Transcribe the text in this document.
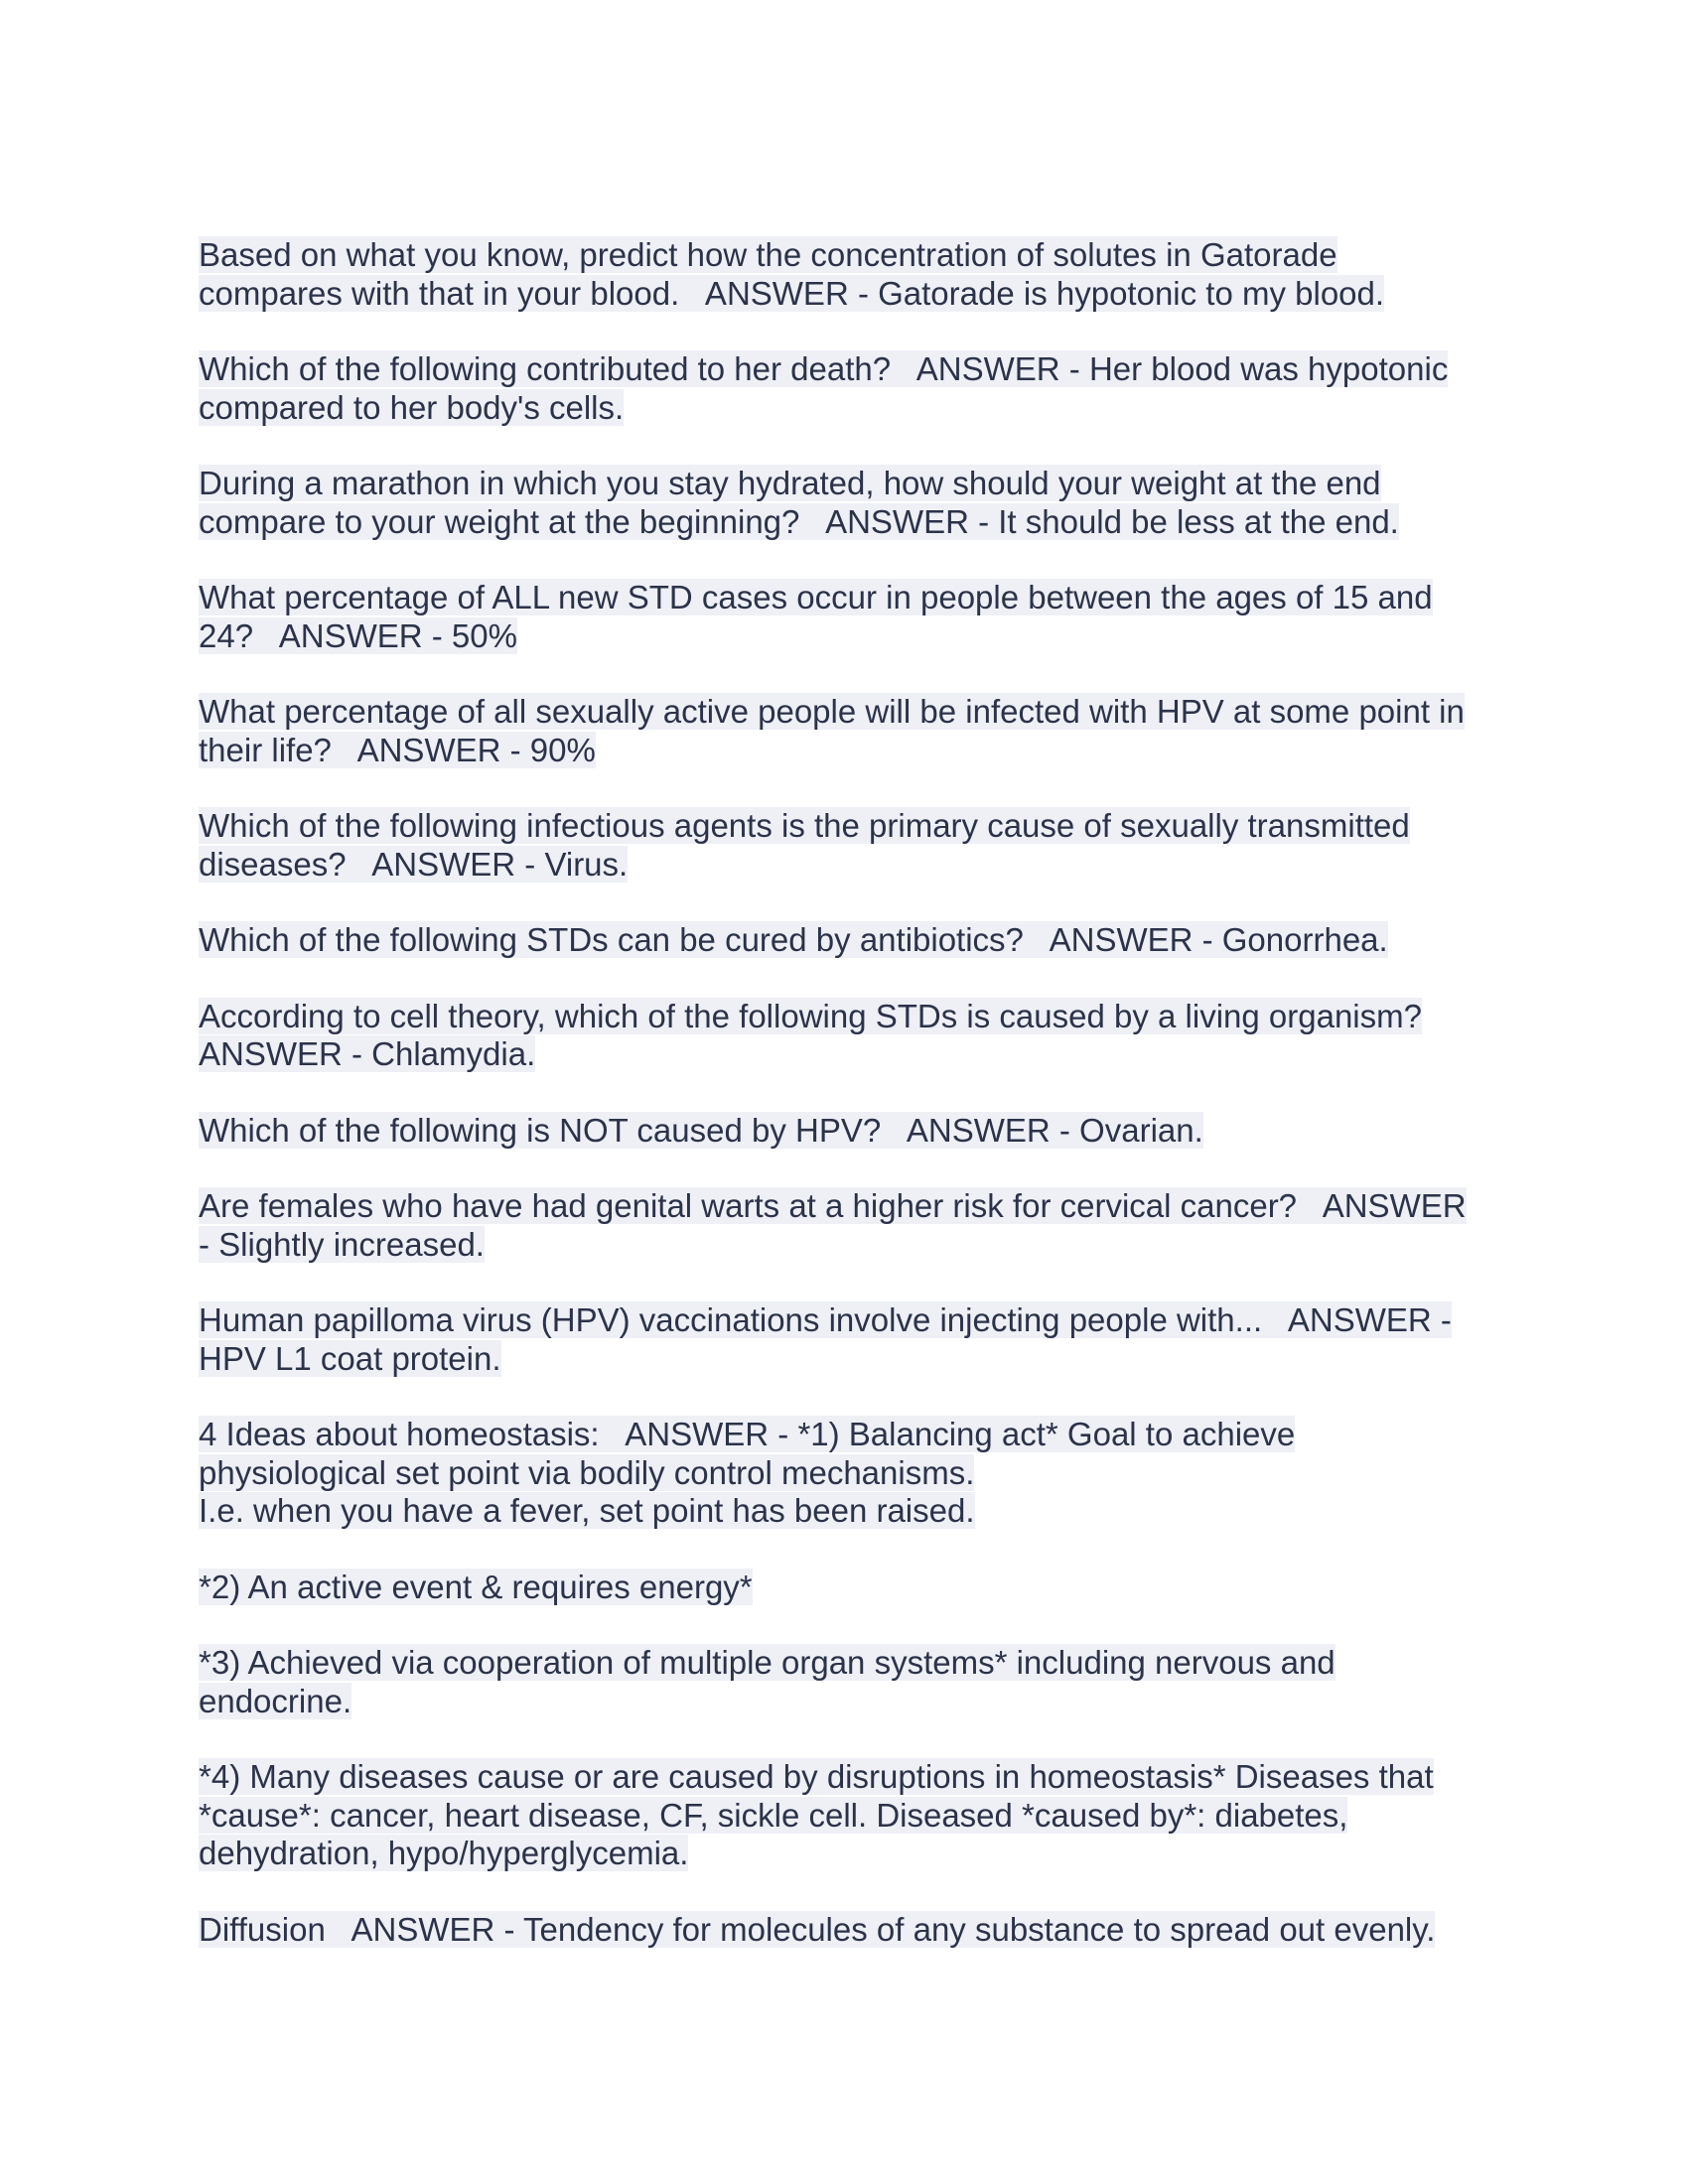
Based on what you know, predict how the concentration of solutes in Gatorade
compares with that in your blood.   ANSWER - Gatorade is hypotonic to my blood.
Which of the following contributed to her death?   ANSWER - Her blood was hypotonic
compared to her body's cells.
During a marathon in which you stay hydrated, how should your weight at the end
compare to your weight at the beginning?   ANSWER - It should be less at the end.
What percentage of ALL new STD cases occur in people between the ages of 15 and
24?   ANSWER - 50%
What percentage of all sexually active people will be infected with HPV at some point in
their life?   ANSWER - 90%
Which of the following infectious agents is the primary cause of sexually transmitted
diseases?   ANSWER - Virus.
Which of the following STDs can be cured by antibiotics?   ANSWER - Gonorrhea.
According to cell theory, which of the following STDs is caused by a living organism?
ANSWER - Chlamydia.
Which of the following is NOT caused by HPV?   ANSWER - Ovarian.
Are females who have had genital warts at a higher risk for cervical cancer?   ANSWER
- Slightly increased.
Human papilloma virus (HPV) vaccinations involve injecting people with...   ANSWER -
HPV L1 coat protein.
4 Ideas about homeostasis:   ANSWER - *1) Balancing act* Goal to achieve
physiological set point via bodily control mechanisms.
I.e. when you have a fever, set point has been raised.
*2) An active event & requires energy*
*3) Achieved via cooperation of multiple organ systems* including nervous and
endocrine.
*4) Many diseases cause or are caused by disruptions in homeostasis* Diseases that
*cause*: cancer, heart disease, CF, sickle cell. Diseased *caused by*: diabetes,
dehydration, hypo/hyperglycemia.
Diffusion   ANSWER - Tendency for molecules of any substance to spread out evenly.
